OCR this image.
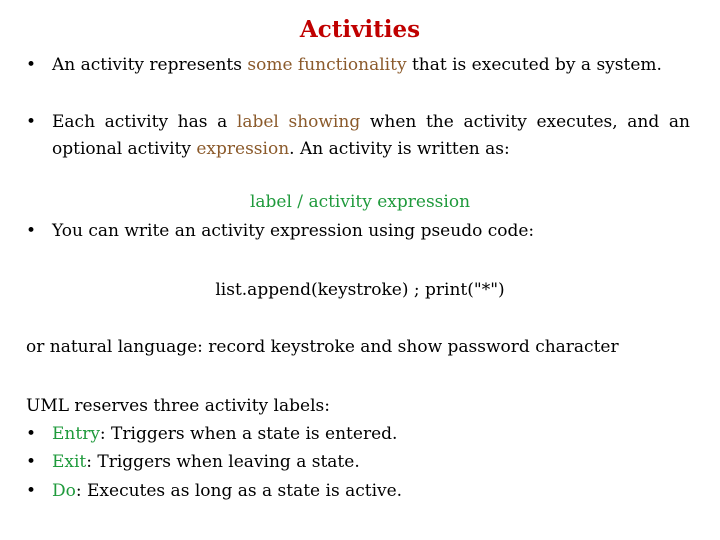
Activities
• An activity represents some functionality that is executed by a system.
• Each activity has a label showing when the activity executes, and an optional activity expression. An activity is written as:
label / activity expression
• You can write an activity expression using pseudo code:
list.append(keystroke) ; print("*")
or natural language: record keystroke and show password character
UML reserves three activity labels:
• Entry: Triggers when a state is entered.
• Exit: Triggers when leaving a state.
• Do: Executes as long as a state is active.
